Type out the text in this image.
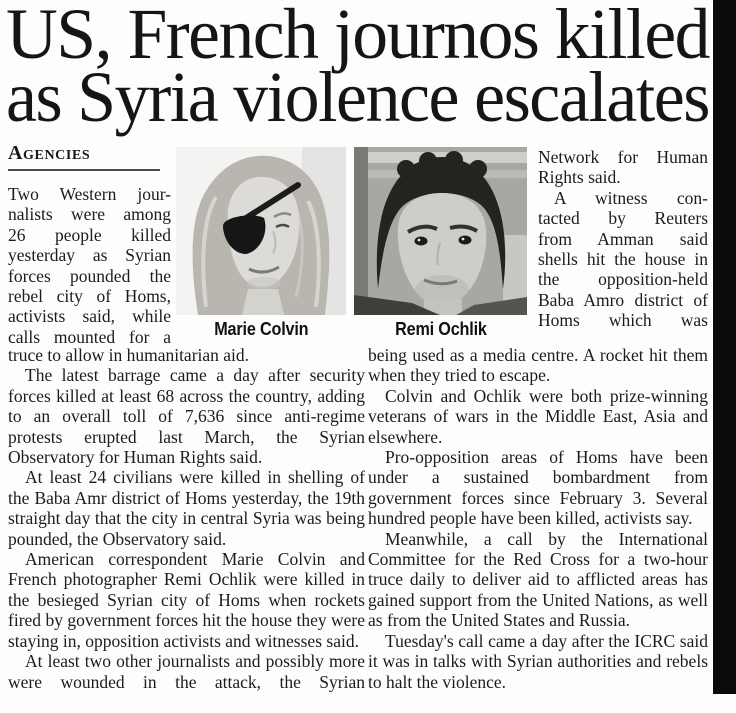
US, French journos killed
as Syria violence escalates
Agencies
Two Western jour-
nalists were among
26 people killed
yesterday as Syrian
forces pounded the
rebel city of Homs,
activists said, while
calls mounted for a	Marie Colvin	Remi Ochlik
Network for Human
Rights said.
A witness con-
tacted by Reuters
from Amman said
shells hit the house in
the opposition-held
Baba Amro district of
Homs which was

truce to allow in humanitarian aid.

The latest barrage came a day after security forces killed at least 68 across the country, adding to an overall toll of 7,636 since anti-regime protests erupted last March, the Syrian Observatory for Human Rights said.

At least 24 civilians were killed in shelling of the Baba Amr district of Homs yesterday, the 19th straight day that the city in central Syria was being pounded, the Observatory said.

American correspondent Marie Colvin and French photographer Remi Ochlik were killed in the besieged Syrian city of Homs when rockets fired by government forces hit the house they were staying in, opposition activists and witnesses said.

At least two other journalists and possibly more were wounded in the attack, the Syrian

being used as a media centre. A rocket hit them when they tried to escape.

Colvin and Ochlik were both prize-winning veterans of wars in the Middle East, Asia and elsewhere.

Pro-opposition areas of Homs have been under a sustained bombardment from government forces since February 3. Several hundred people have been killed, activists say.

Meanwhile, a call by the International Committee for the Red Cross for a two-hour truce daily to deliver aid to afflicted areas has gained support from the United Nations, as well as from the United States and Russia.

Tuesday's call came a day after the ICRC said it was in talks with Syrian authorities and rebels to halt the violence.
